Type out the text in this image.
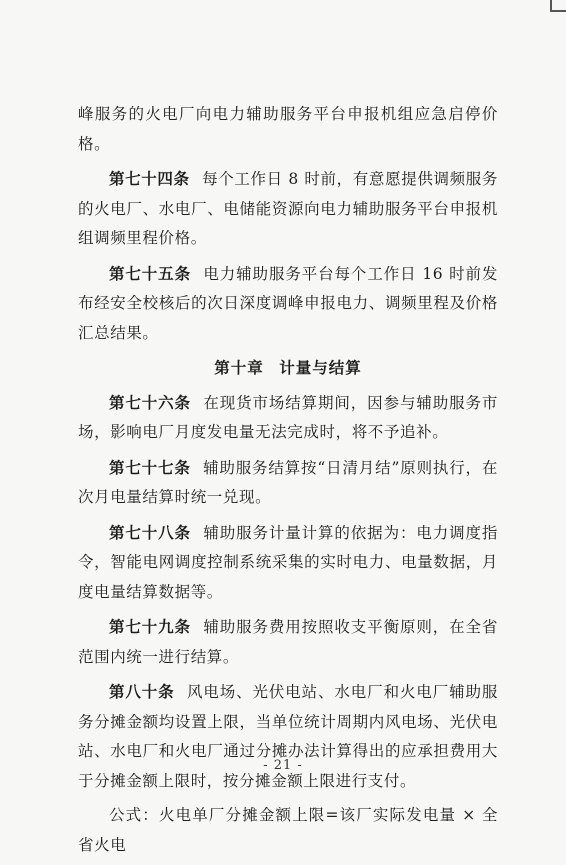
峰服务的火电厂向电力辅助服务平台申报机组应急启停价格。

第七十四条 每个工作日 8 时前，有意愿提供调频服务的火电厂、水电厂、电储能资源向电力辅助服务平台申报机组调频里程价格。

第七十五条 电力辅助服务平台每个工作日 16 时前发布经安全校核后的次日深度调峰申报电力、调频里程及价格汇总结果。

第十章 计量与结算

第七十六条 在现货市场结算期间，因参与辅助服务市场，影响电厂月度发电量无法完成时，将不予追补。

第七十七条 辅助服务结算按“日清月结”原则执行，在次月电量结算时统一兑现。

第七十八条 辅助服务计量计算的依据为：电力调度指令，智能电网调度控制系统采集的实时电力、电量数据，月度电量结算数据等。

第七十九条 辅助服务费用按照收支平衡原则，在全省范围内统一进行结算。

第八十条 风电场、光伏电站、水电厂和火电厂辅助服务分摊金额均设置上限，当单位统计周期内风电场、光伏电站、水电厂和火电厂通过分摊办法计算得出的应承担费用大于分摊金额上限时，按分摊金额上限进行支付。

公式：火电单厂分摊金额上限=该厂实际发电量 × 全省火电

- 21 -
